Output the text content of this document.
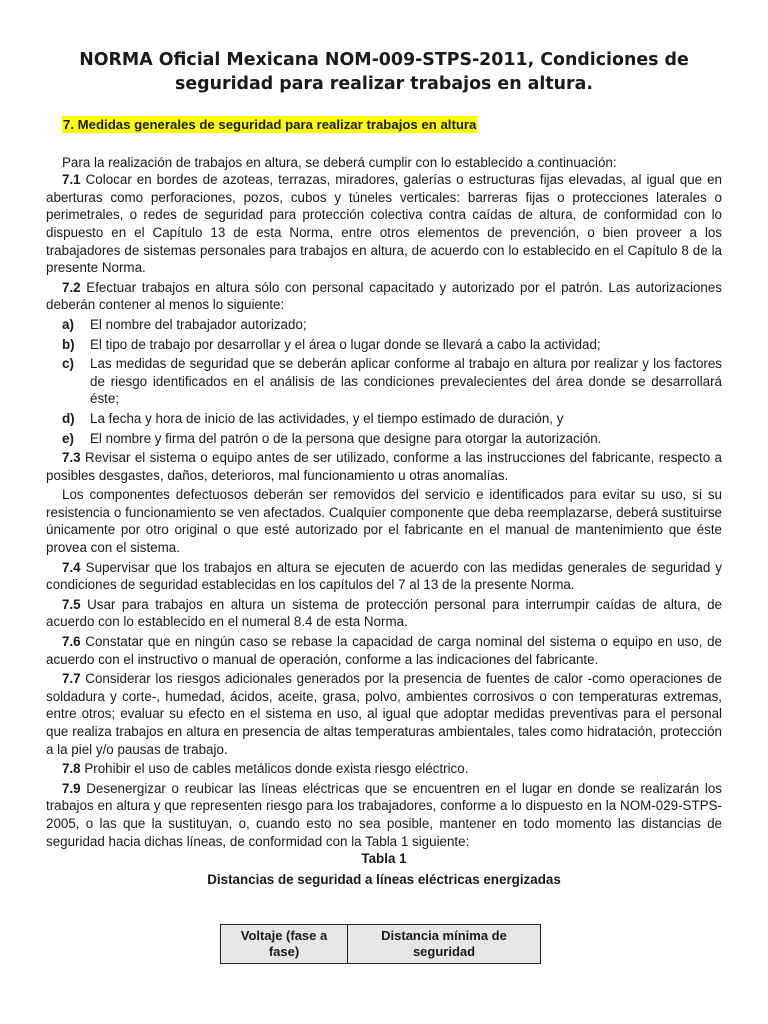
NORMA Oficial Mexicana NOM-009-STPS-2011, Condiciones de seguridad para realizar trabajos en altura.
7. Medidas generales de seguridad para realizar trabajos en altura
Para la realización de trabajos en altura, se deberá cumplir con lo establecido a continuación:

7.1 Colocar en bordes de azoteas, terrazas, miradores, galerías o estructuras fijas elevadas, al igual que en aberturas como perforaciones, pozos, cubos y túneles verticales: barreras fijas o protecciones laterales o perimetrales, o redes de seguridad para protección colectiva contra caídas de altura, de conformidad con lo dispuesto en el Capítulo 13 de esta Norma, entre otros elementos de prevención, o bien proveer a los trabajadores de sistemas personales para trabajos en altura, de acuerdo con lo establecido en el Capítulo 8 de la presente Norma.

7.2 Efectuar trabajos en altura sólo con personal capacitado y autorizado por el patrón. Las autorizaciones deberán contener al menos lo siguiente:

a) El nombre del trabajador autorizado;
b) El tipo de trabajo por desarrollar y el área o lugar donde se llevará a cabo la actividad;
c) Las medidas de seguridad que se deberán aplicar conforme al trabajo en altura por realizar y los factores de riesgo identificados en el análisis de las condiciones prevalecientes del área donde se desarrollará éste;
d) La fecha y hora de inicio de las actividades, y el tiempo estimado de duración, y
e) El nombre y firma del patrón o de la persona que designe para otorgar la autorización.

7.3 Revisar el sistema o equipo antes de ser utilizado, conforme a las instrucciones del fabricante, respecto a posibles desgastes, daños, deterioros, mal funcionamiento u otras anomalías.

Los componentes defectuosos deberán ser removidos del servicio e identificados para evitar su uso, si su resistencia o funcionamiento se ven afectados. Cualquier componente que deba reemplazarse, deberá sustituirse únicamente por otro original o que esté autorizado por el fabricante en el manual de mantenimiento que éste provea con el sistema.

7.4 Supervisar que los trabajos en altura se ejecuten de acuerdo con las medidas generales de seguridad y condiciones de seguridad establecidas en los capítulos del 7 al 13 de la presente Norma.

7.5 Usar para trabajos en altura un sistema de protección personal para interrumpir caídas de altura, de acuerdo con lo establecido en el numeral 8.4 de esta Norma.

7.6 Constatar que en ningún caso se rebase la capacidad de carga nominal del sistema o equipo en uso, de acuerdo con el instructivo o manual de operación, conforme a las indicaciones del fabricante.

7.7 Considerar los riesgos adicionales generados por la presencia de fuentes de calor -como operaciones de soldadura y corte-, humedad, ácidos, aceite, grasa, polvo, ambientes corrosivos o con temperaturas extremas, entre otros; evaluar su efecto en el sistema en uso, al igual que adoptar medidas preventivas para el personal que realiza trabajos en altura en presencia de altas temperaturas ambientales, tales como hidratación, protección a la piel y/o pausas de trabajo.

7.8 Prohibir el uso de cables metálicos donde exista riesgo eléctrico.

7.9 Desenergizar o reubicar las líneas eléctricas que se encuentren en el lugar en donde se realizarán los trabajos en altura y que representen riesgo para los trabajadores, conforme a lo dispuesto en la NOM-029-STPS-2005, o las que la sustituyan, o, cuando esto no sea posible, mantener en todo momento las distancias de seguridad hacia dichas líneas, de conformidad con la Tabla 1 siguiente:

Tabla 1
Distancias de seguridad a líneas eléctricas energizadas
Voltaje (fase a fase)	Distancia mínima de seguridad
